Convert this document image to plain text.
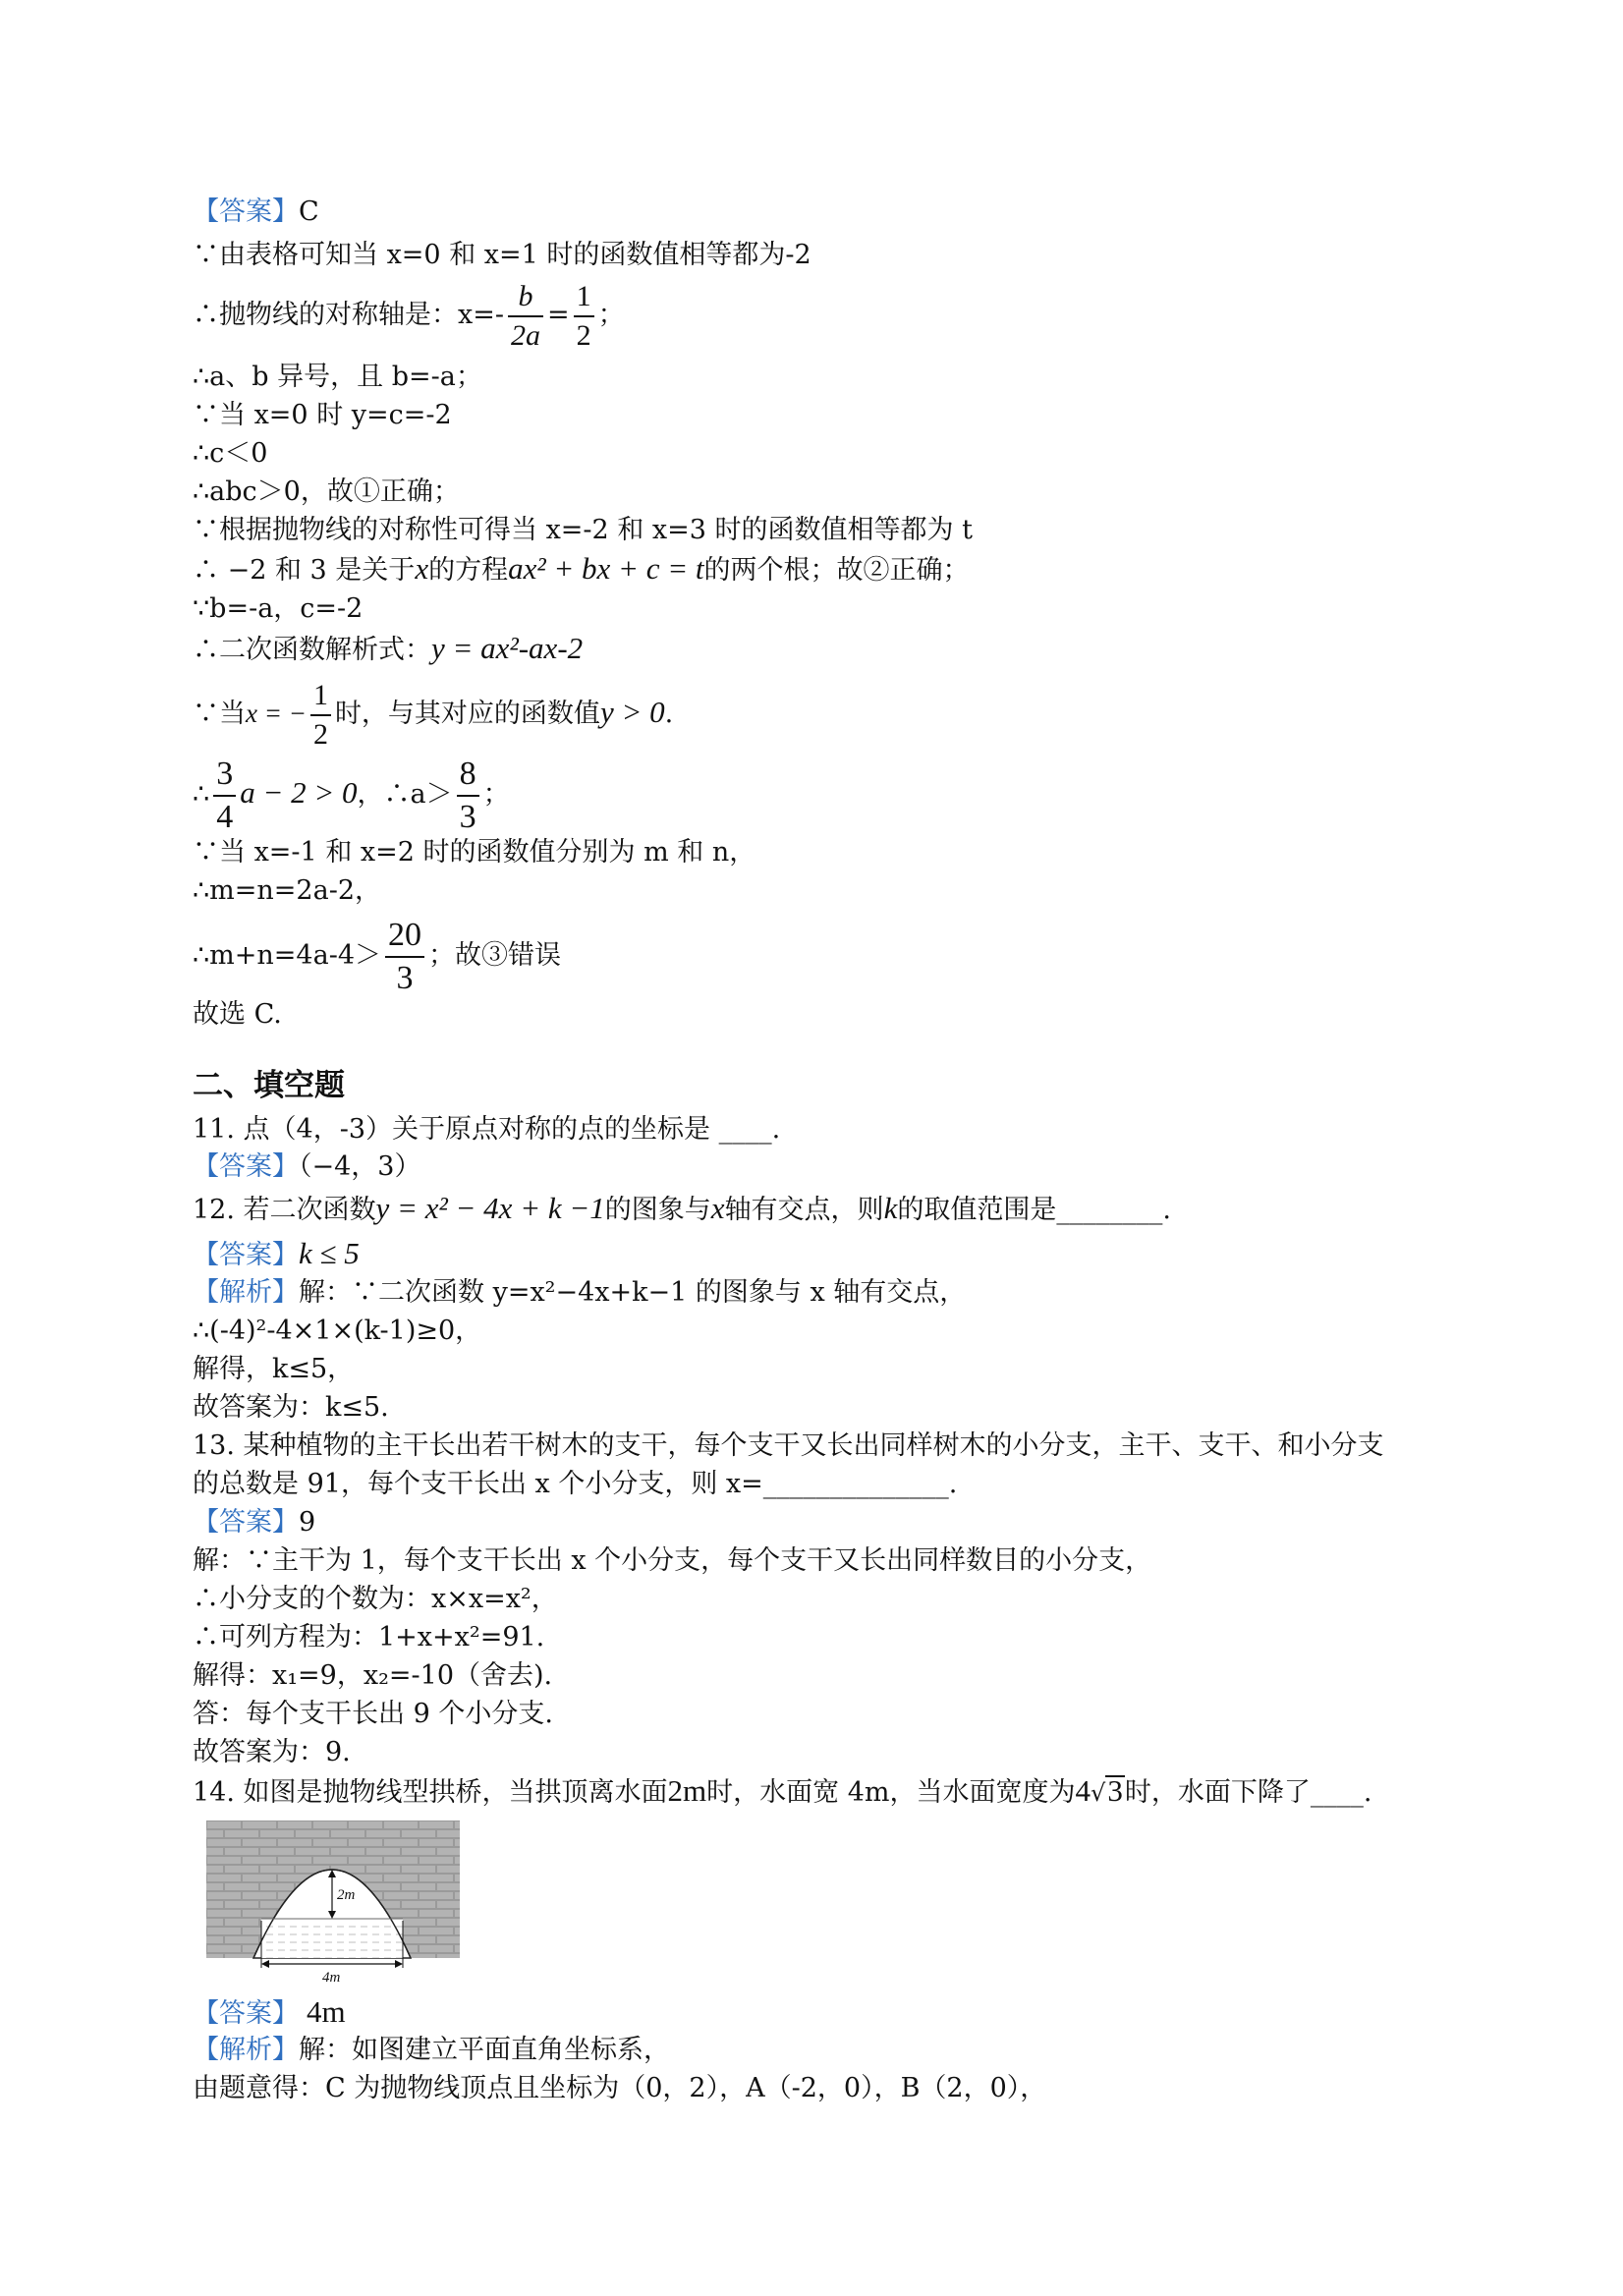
【答案】C
∵由表格可知当 x=0 和 x=1 时的函数值相等都为-2
∴抛物线的对称轴是：$x=- \frac{b}{2a} = \frac{1}{2}$ ；
∴a、b 异号，且 b=-a；
∵当 x=0 时 y=c=-2
∴c＜0
∴abc＞0，故①正确；
∵根据抛物线的对称性可得当 x=-2 和 x=3 时的函数值相等都为 t
∴ −2 和 3 是关于x的方程ax² + bx + c = t的两个根；故②正确；
∵b=-a，c=-2
∴二次函数解析式：y = ax²-ax-2
∵当x = − $\frac{1}{2}$ 时，与其对应的函数值y > 0.
∴ $\frac{3}{4}$ a − 2 > 0，∴a＞ $\frac{8}{3}$ ；
∵当 x=-1 和 x=2 时的函数值分别为 m 和 n，
∴m=n=2a-2，
∴m+n=4a-4＞ $\frac{20}{3}$ ；故③错误
故选 C.
二、填空题
11. 点（4，-3）关于原点对称的点的坐标是 ____.
【答案】（−4，3）
12. 若二次函数y = x² − 4x + k −1的图象与x轴有交点，则k的取值范围是________.
【答案】k ≤ 5
【解析】解：∵二次函数 y=x²−4x+k−1 的图象与 x 轴有交点，
∴(-4)²-4×1×(k-1)≥0，
解得，k≤5，
故答案为：k≤5.
13. 某种植物的主干长出若干树木的支干，每个支干又长出同样树木的小分支，主干、支干、和小分支
的总数是 91，每个支干长出 x 个小分支，则 x=______________.
【答案】9
解：∵主干为 1，每个支干长出 x 个小分支，每个支干又长出同样数目的小分支，
∴小分支的个数为：x×x=x²，
∴可列方程为：1+x+x²=91.
解得：x₁=9，x₂=-10（舍去).
答：每个支干长出 9 个小分支.
故答案为：9.
14. 如图是抛物线型拱桥，当拱顶离水面2m时，水面宽 4m，当水面宽度为4√3时，水面下降了____.
2m
4m
【答案】 4m
【解析】解：如图建立平面直角坐标系，
由题意得：C 为抛物线顶点且坐标为（0，2），A（-2，0），B（2，0），
